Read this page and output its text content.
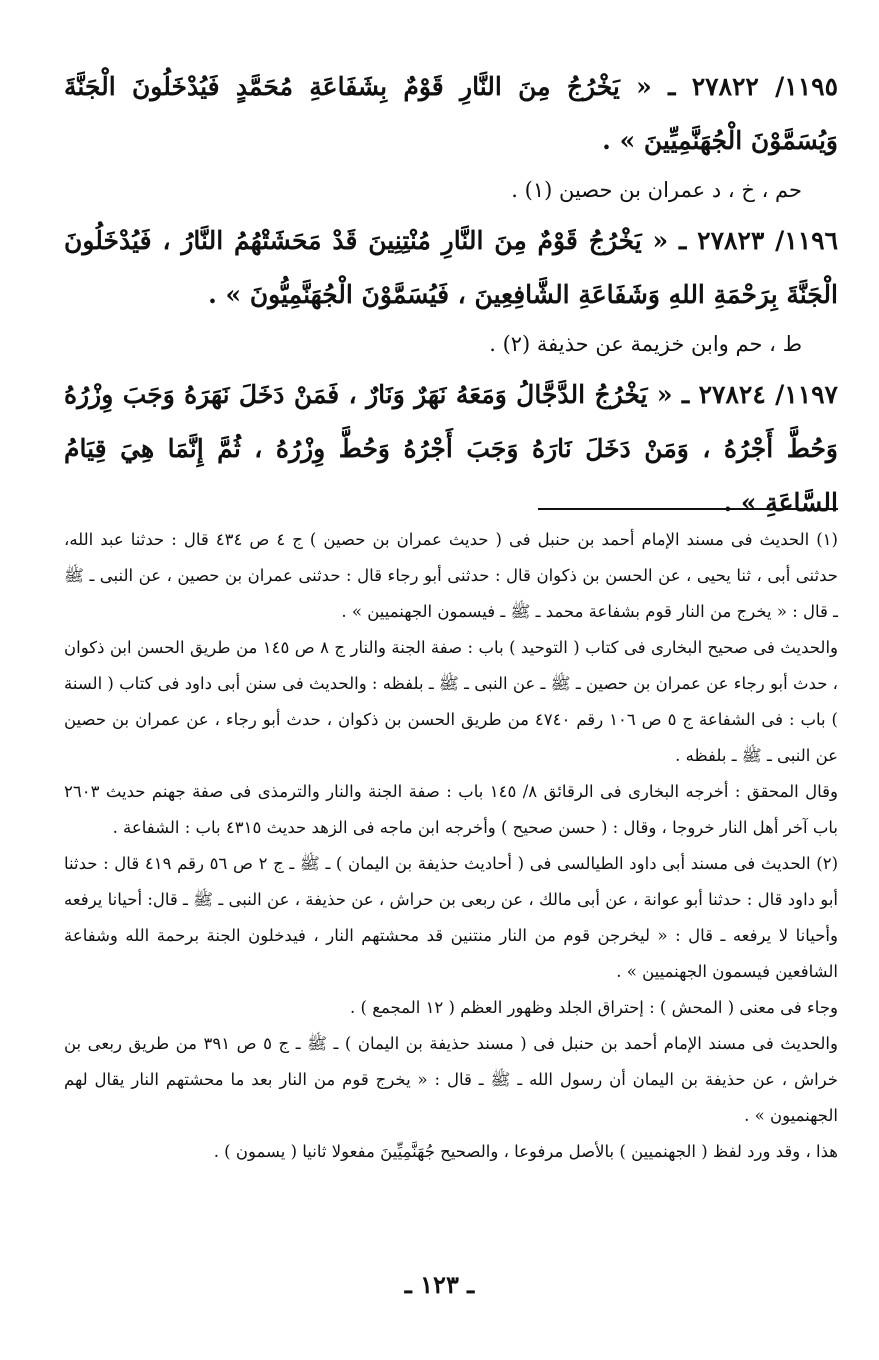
١١٩٥/ ٢٧٨٢٢ ـ « يَخْرُجُ مِنَ النَّارِ قَوْمٌ بِشَفَاعَةِ مُحَمَّدٍ فَيُدْخَلُونَ الْجَنَّةَ وَيُسَمَّوْنَ الْجُهَنَّمِيِّينَ » .

حم ، خ ، د عمران بن حصين (١) .

١١٩٦/ ٢٧٨٢٣ ـ « يَخْرُجُ قَوْمٌ مِنَ النَّارِ مُنْتِنِينَ قَدْ مَحَشَتْهُمُ النَّارُ ، فَيُدْخَلُونَ الْجَنَّةَ بِرَحْمَةِ اللهِ وَشَفَاعَةِ الشَّافِعِينَ ، فَيُسَمَّوْنَ الْجُهَنَّمِيُّونَ » .

ط ، حم وابن خزيمة عن حذيفة (٢) .

١١٩٧/ ٢٧٨٢٤ ـ « يَخْرُجُ الدَّجَّالُ وَمَعَهُ نَهَرٌ وَنَارٌ ، فَمَنْ دَخَلَ نَهَرَهُ وَجَبَ وِزْرُهُ وَحُطَّ أَجْرُهُ ، وَمَنْ دَخَلَ نَارَهُ وَجَبَ أَجْرُهُ وَحُطَّ وِزْرُهُ ، ثُمَّ إِنَّمَا هِيَ قِيَامُ السَّاعَةِ » .

(١) الحديث فى مسند الإمام أحمد بن حنبل فى ( حديث عمران بن حصين ) ج ٤ ص ٤٣٤ قال : حدثنا عبد الله، حدثنى أبى ، ثنا يحيى ، عن الحسن بن ذكوان قال : حدثنى أبو رجاء قال : حدثنى عمران بن حصين ، عن النبى ـ ﷺ ـ قال : « يخرج من النار قوم بشفاعة محمد ـ ﷺ ـ فيسمون الجهنميين » .

والحديث فى صحيح البخارى فى كتاب ( التوحيد ) باب : صفة الجنة والنار ج ٨ ص ١٤٥ من طريق الحسن ابن ذكوان ، حدث أبو رجاء عن عمران بن حصين ـ ﷺ ـ عن النبى ـ ﷺ ـ بلفظه : والحديث فى سنن أبى داود فى كتاب ( السنة ) باب : فى الشفاعة ج ٥ ص ١٠٦ رقم ٤٧٤٠ من طريق الحسن بن ذكوان ، حدث أبو رجاء ، عن عمران بن حصين عن النبى ـ ﷺ ـ بلفظه .

وقال المحقق : أخرجه البخارى فى الرقائق ٨/ ١٤٥ باب : صفة الجنة والنار والترمذى فى صفة جهنم حديث ٢٦٠٣ باب آخر أهل النار خروجا ، وقال : ( حسن صحيح ) وأخرجه ابن ماجه فى الزهد حديث ٤٣١٥ باب : الشفاعة .

(٢) الحديث فى مسند أبى داود الطيالسى فى ( أحاديث حذيفة بن اليمان ) ـ ﷺ ـ ج ٢ ص ٥٦ رقم ٤١٩ قال : حدثنا أبو داود قال : حدثنا أبو عوانة ، عن أبى مالك ، عن ربعى بن حراش ، عن حذيفة ، عن النبى ـ ﷺ ـ قال: أحيانا يرفعه وأحيانا لا يرفعه ـ قال : « ليخرجن قوم من النار منتنين قد محشتهم النار ، فيدخلون الجنة برحمة الله وشفاعة الشافعين فيسمون الجهنميين » .

وجاء فى معنى ( المحش ) : إحتراق الجلد وظهور العظم ( ١٢ المجمع ) .

والحديث فى مسند الإمام أحمد بن حنبل فى ( مسند حذيفة بن اليمان ) ـ ﷺ ـ ج ٥ ص ٣٩١ من طريق ربعى بن خراش ، عن حذيفة بن اليمان أن رسول الله ـ ﷺ ـ قال : « يخرج قوم من النار بعد ما محشتهم النار يقال لهم الجهنميون » .

هذا ، وقد ورد لفظ ( الجهنميين ) بالأصل مرفوعا ، والصحيح جُهَنَّمِيِّينَ مفعولا ثانيا ( يسمون ) .

ـ ١٢٣ ـ
